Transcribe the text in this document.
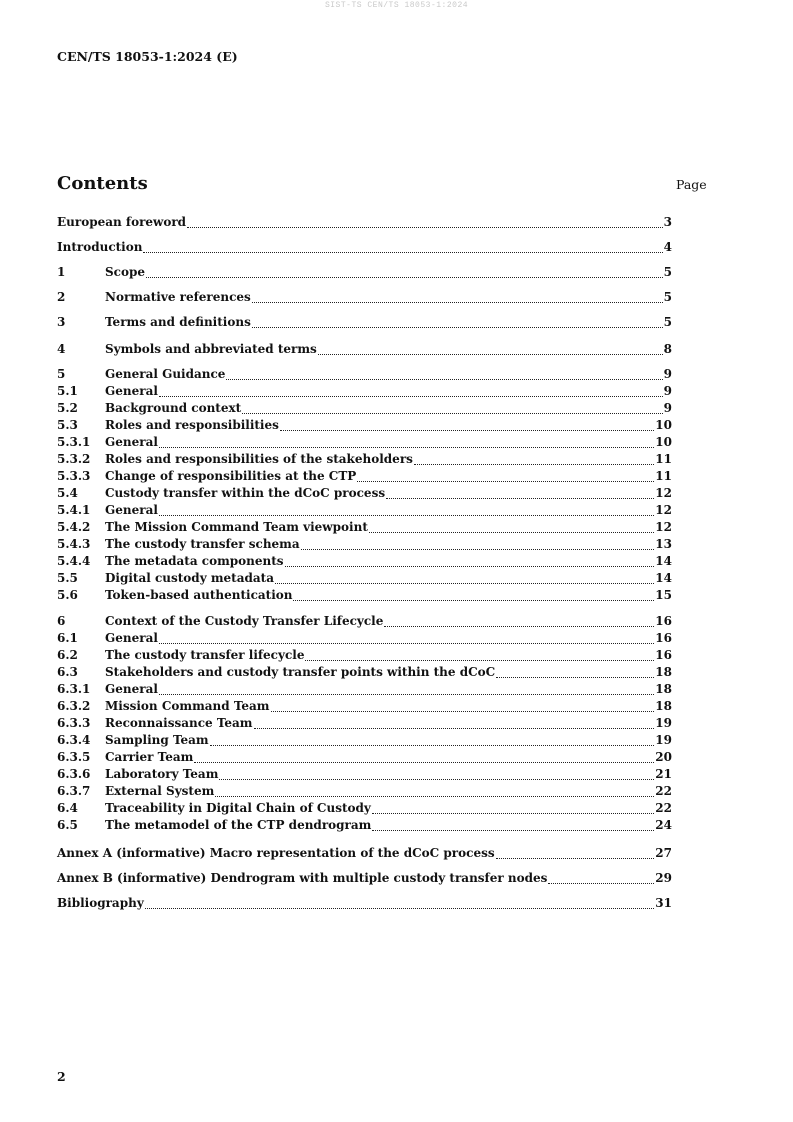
SIST-TS CEN/TS 18053-1:2024
CEN/TS 18053-1:2024 (E)
Contents	Page
European foreword	3
Introduction	4
1	Scope	5
2	Normative references	5
3	Terms and definitions	5
4	Symbols and abbreviated terms	8
5	General Guidance	9
5.1	General	9
5.2	Background context	9
5.3	Roles and responsibilities	10
5.3.1	General	10
5.3.2	Roles and responsibilities of the stakeholders	11
5.3.3	Change of responsibilities at the CTP	11
5.4	Custody transfer within the dCoC process	12
5.4.1	General	12
5.4.2	The Mission Command Team viewpoint	12
5.4.3	The custody transfer schema	13
5.4.4	The metadata components	14
5.5	Digital custody metadata	14
5.6	Token-based authentication	15
6	Context of the Custody Transfer Lifecycle	16
6.1	General	16
6.2	The custody transfer lifecycle	16
6.3	Stakeholders and custody transfer points within the dCoC	18
6.3.1	General	18
6.3.2	Mission Command Team	18
6.3.3	Reconnaissance Team	19
6.3.4	Sampling Team	19
6.3.5	Carrier Team	20
6.3.6	Laboratory Team	21
6.3.7	External System	22
6.4	Traceability in Digital Chain of Custody	22
6.5	The metamodel of the CTP dendrogram	24
Annex A (informative) Macro representation of the dCoC process	27
Annex B (informative) Dendrogram with multiple custody transfer nodes	29
Bibliography	31
2
